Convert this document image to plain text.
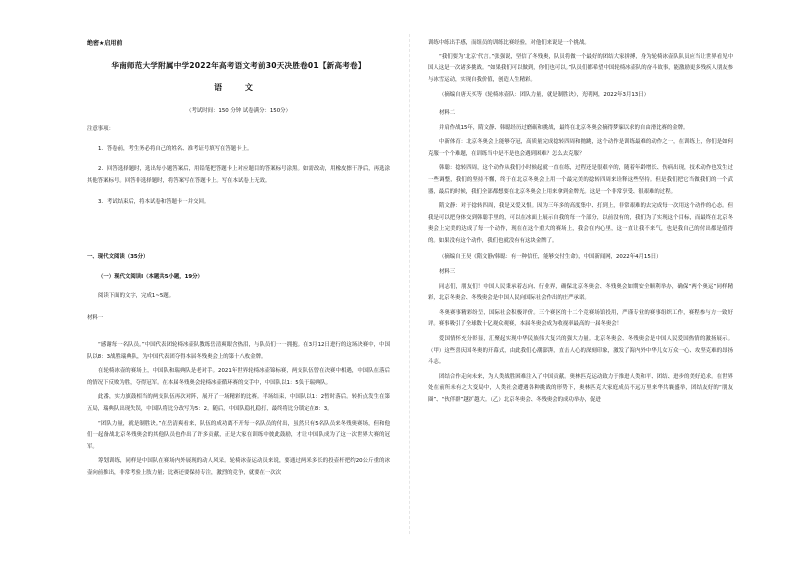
绝密★启用前
华南师范大学附属中学2022年高考语文考前30天决胜卷01【新高考卷】
语 文
（考试时间：150 分钟 试卷满分：150分）

注意事项：

1．答卷前，考生务必将自己的姓名、准考证号填写在答题卡上。

2．回答选择题时，选出每小题答案后，用铅笔把答题卡上对应题目的答案标号涂黑。如需改动，用橡皮擦干净后，再选涂其他答案标号。回答非选择题时，将答案写在答题卡上。写在本试卷上无效。

3．考试结束后，将本试卷和答题卡一并交回。

一、现代文阅读（35分）

（一）现代文阅读Ⅰ（本题共5小题，19分）

阅读下面的文字，完成1~5题。

材料一

“感谢每一名队员。”中国代表团轮椅冰壶队教练岳清爽眼含热泪，与队员们一一拥抱。在3月12日进行的这场决赛中，中国队以8：3战胜瑞典队，为中国代表团夺得本届冬残奥会上的第十八枚金牌。

在轮椅冰壶的赛场上，中国队和瑞典队是老对手。2021年世界轮椅冰壶锦标赛，两支队伍曾在决赛中相遇，中国队在落后的情况下反败为胜，夺得冠军。在本届冬残奥会轮椅冰壶循环赛的交手中，中国队以1：5负于瑞典队。

此番，实力旗鼓相当的两支队伍再次对阵，展开了一场精彩的比赛。半场结束，中国队以1：2暂时落后。转折点发生在第五局，瑞典队出现失误，中国队将比分改写为5：2。随后，中国队稳扎稳打，最终将比分锁定在8：3。

“团队力量，就是制胜诀。”在岳清爽看来，队伍的成功离不开每一名队员的付出，虽然只有5名队员来冬残奥赛场，但和他们一起备战北京冬残奥会的其他队员也作出了许多贡献，正是大家在训练中彼此鼓励，才让中国队成为了这一次世界大赛的冠军。

筹划训练，同样是中国队在赛场内外展现的动人风采。轮椅冰壶运动员来说，要通过两米多长的投壶杆把约20公斤重的冰壶向前推出，非常考验上肢力量；比赛还要保持专注，激烈的竞争，就要在一次次

训练中练出手感，而组员的训练比赛经验，对他们来说是一个挑战。

“我们要为‘北京’代言。”张强说，坚信了冬残奥，队员将做一个最好的团结大家拼搏，身为轮椅冰壶队队员应当让世界看见中国人这是一次诸多挑战。“如果我们可以做到，你们也可以。”队员们都希望中国轮椅冰壶队的奋斗故事，能激励更多残疾人朋友参与冰雪运动，实现自我价值，创造人生精彩。

（摘编自唐天买等《轮椅冰壶队：团队力量，就是制胜诀》，光明网，2022年3月13日）

材料二

并肩作战15年，隋文静、韩聪经历过磨砺和挑战，最终在北京冬奥会摘得梦寐以求的自由滑比赛的金牌。

中新体育：北京冬奥会上能够夺冠，高质量完成捻转四周和抛跳，这个动作是训练最难的动作之一，在训练上，你们是如何克服一个个难题，在训练当中是不是也会遇到困难？怎么去克服？

韩聪：捻转四周，这个动作从我们小时候起就一直在练，过程还是很艰辛的，随着年龄增长、伤病出现，技术动作也发生过一些调整，我们的坚持不懈，终于在北京冬奥会上用一个最完美的捻转四周来诠释这些坚持。但是我们把它当做我们的一个武器，最后的时候，我们全部都想要在北京冬奥会上用来拿到金牌光。这是一个非常享受、很艰难的过程。

隋文静：对于捻转四周，我是又爱又恨。因为三年多的高度集中、打到上，非常艰难的去完成每一次用这个动作的心态。但我是可以把身体交到韩聪手里的，可以在冰面上展示自我的每一个部分，以前没有的，我们为了实现这个目标，而最终在北京冬奥会上完美的达成了每一个动作，现在在这个重大的赛场上，我会在内心里，这一直让我不来气，也是我自己的付出都是值得的。如果没有这个动作，我们也就没有有这块金牌了。

（摘编自王昊《隋文静/韩聪：有一种信任，能够交付生命》，中国新闻网，2022年4月15日）

材料三

同志们，朋友们！中国人民秉承着志向、行业界，确保北京冬奥会、冬残奥会如期安全顺利举办，确保“两个奥运”同样精彩，北京冬奥会、冬残奥会是中国人民向国际社会作出的庄严承诺。

冬奥赛事精彩纷呈，国际社会积极评价。三个赛区的十二个竞赛场馆投用，严谨专业的赛事组织工作，赛程参与方一致好评。赛事吸引了全球数十亿观众观赛，本届冬奥会成为收视率最高的一届冬奥会！

爱国情怀充分彰显，汇聚起实现中华民族伟大复兴的强大力量。北京冬奥会、冬残奥会是中国人民爱国热情的激扬展示。（甲）这些喜庆国冬奥的开幕式，由此我们心潮澎湃，直击人心的深刻印象，激发了海内外中华儿女万众一心、攻坚克难的昂扬斗志。

团结合作走向未来，为人类战胜困难注入了中国贡献。奥林匹克运动致力于推进人类和平、团结、进步的美好追求。在世界处在前所未有之大变局中，人类社会遭遇各种挑战的形势下，奥林匹克大家庭成员不远万里来华共襄盛举，团结友好的“朋友圈”、“伙伴群”越扩越大。（乙）北京冬奥会、冬残奥会的成功举办，促进
